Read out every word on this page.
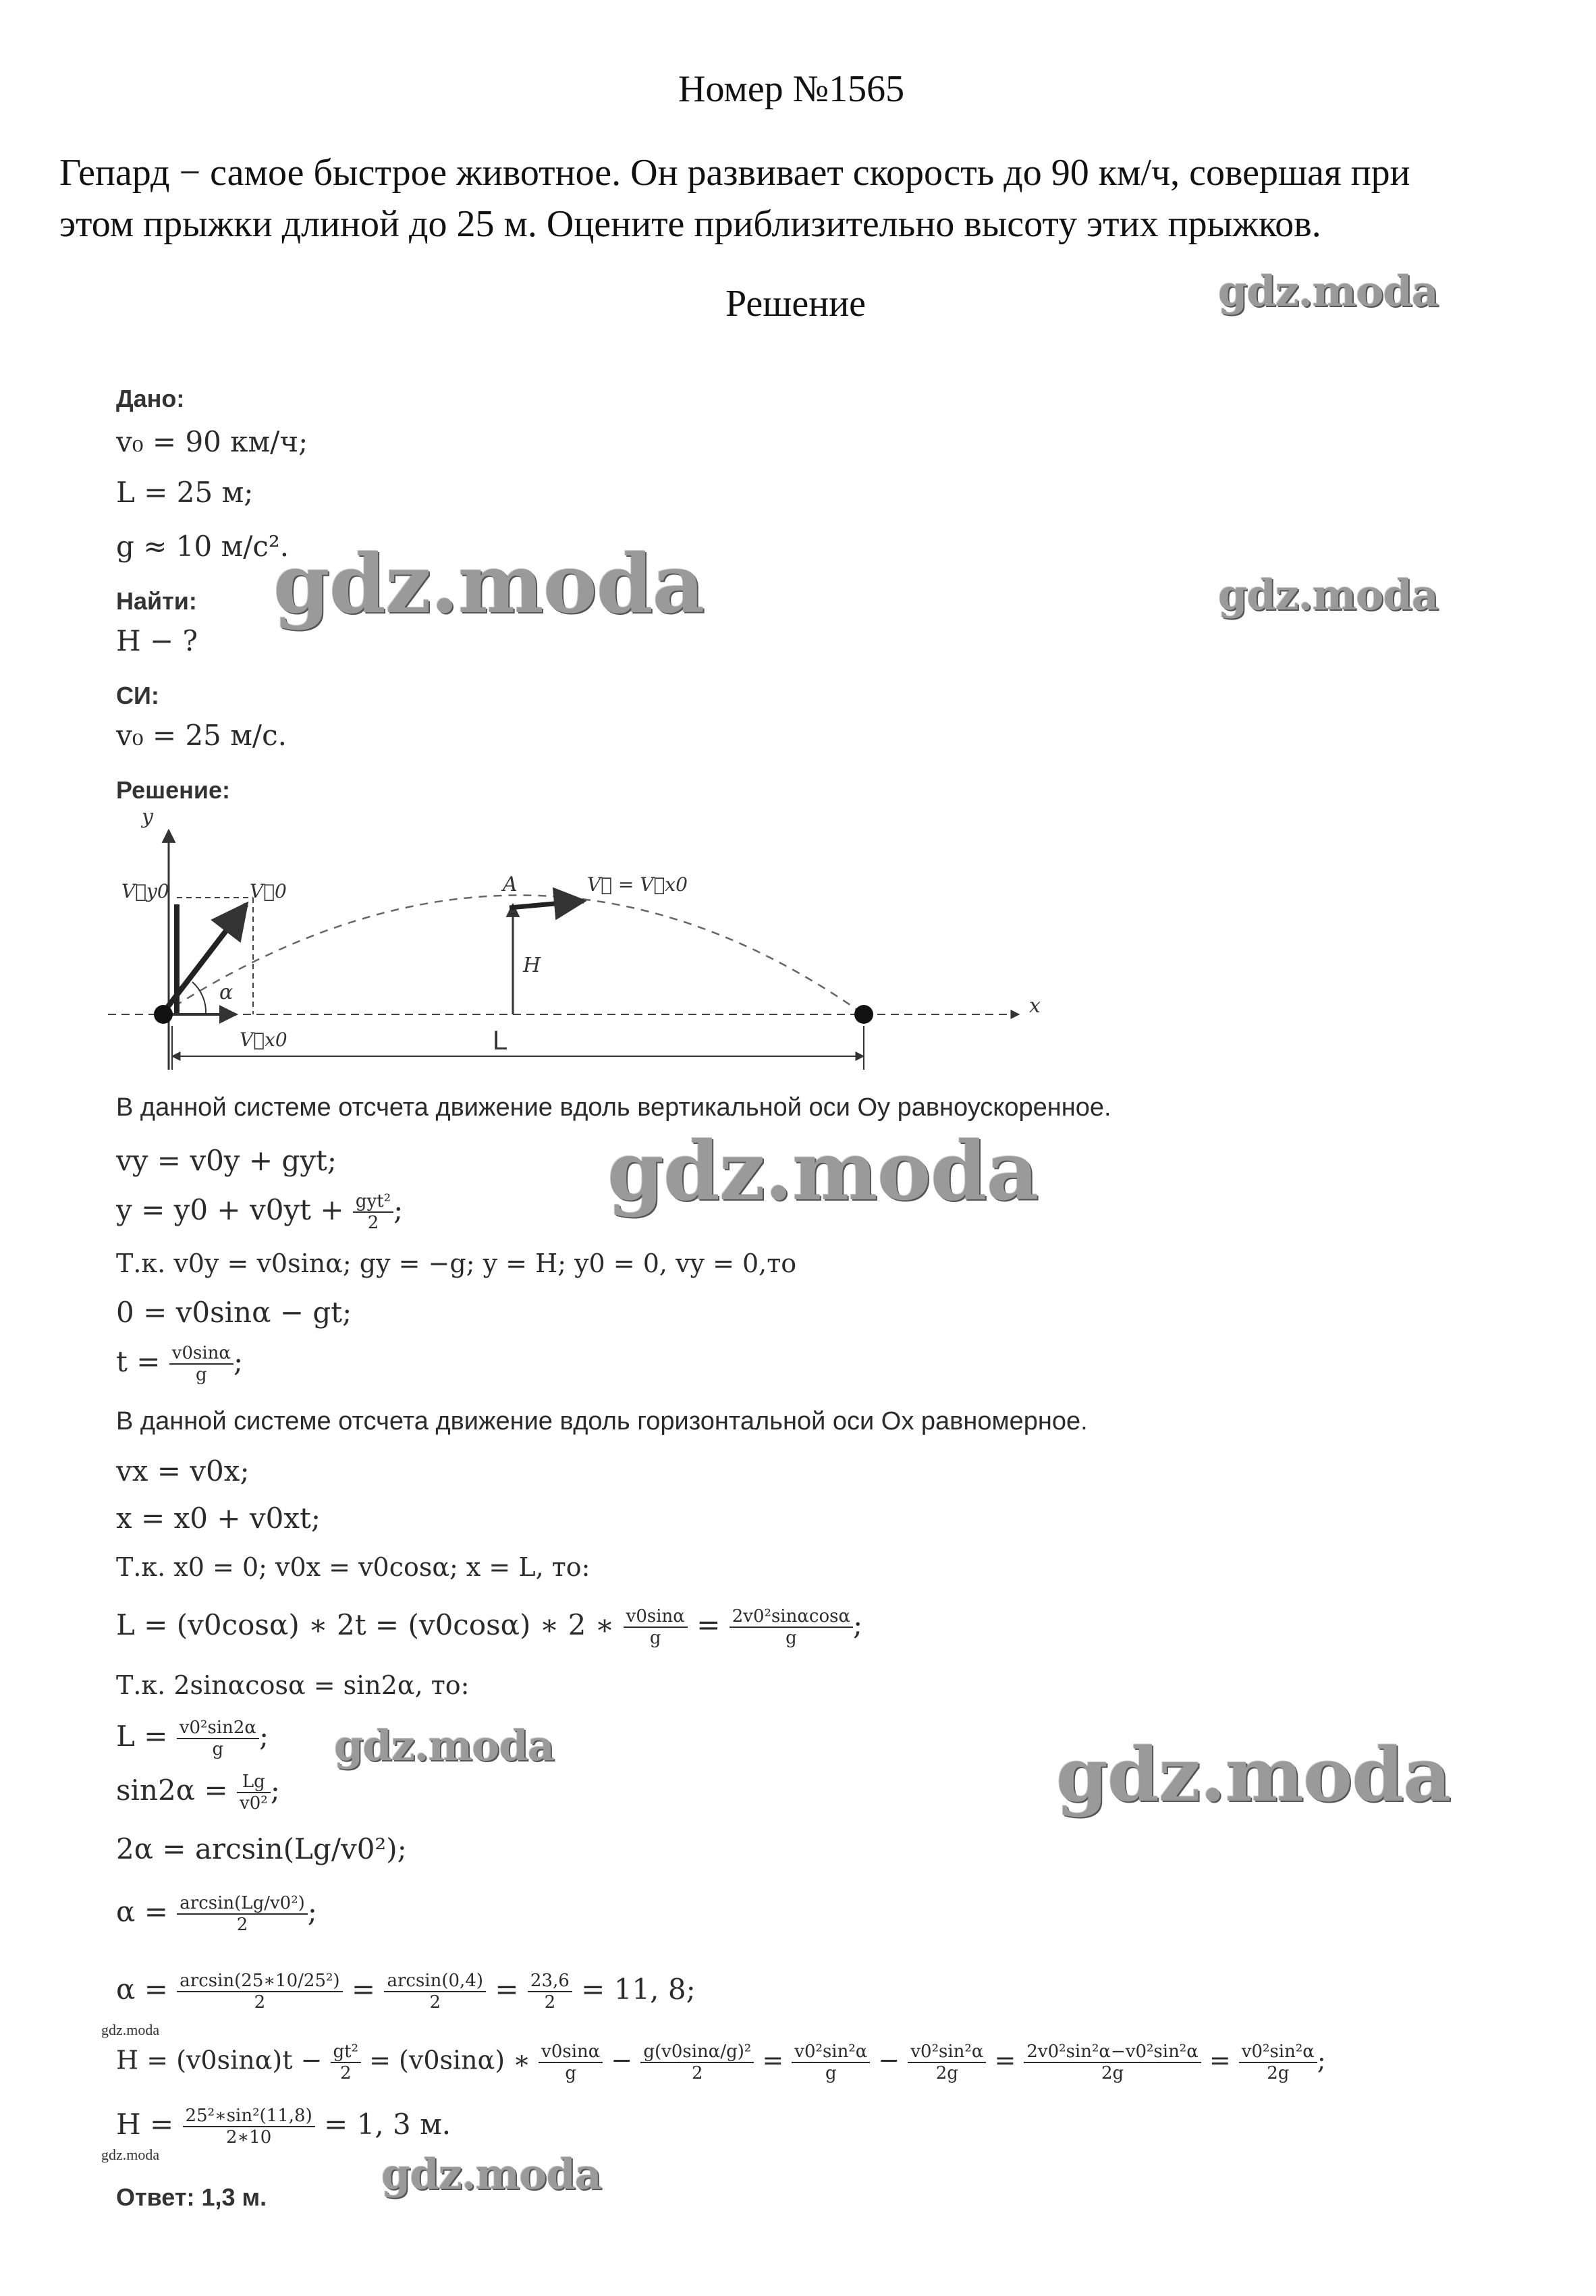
Номер №1565
Гепард − самое быстрое животное. Он развивает скорость до 90 км/ч, совершая при
этом прыжки длиной до 25 м. Оцените приблизительно высоту этих прыжков.
Решение	gdz.moda
gdz.moda	gdz.moda
gdz.moda
gdz.moda	gdz.moda
gdz.moda
gdz.moda
gdz.moda
Дано:
v₀ = 90 км/ч;
L = 25 м;
g ≈ 10 м/с².
Найти:
H − ?
СИ:
v₀ = 25 м/с.
Решение:
y
x
V⃗y0	V⃗0
α
A	V⃗ = V⃗x0
H
V⃗x0	L
В данной системе отсчета движение вдоль вертикальной оси Oy равноускоренное.
vy = v0y + gyt;
$y = y0 + v0yt + \frac{\text{gyt²}}{2}$ ;
Т.к. v0y = v0sinα; gy = −g; y = H; y0 = 0, vy = 0,то
0 = v0sinα − gt;
$t = \frac{v0\sin\alpha}{g}$ ;
В данной системе отсчета движение вдоль горизонтальной оси Ox равномерное.
vx = v0x;
x = x0 + v0xt;
Т.к. x0 = 0; v0x = v0cosα; x = L, то:
L = (v0cosα) ∗ 2t = (v0cosα) ∗ 2 ∗ $\frac{v0\sin\alpha}{g} = \frac{\text{2v0²sinαcosα}}{g}$ ;
Т.к. 2sinαcosα = sin2α, то:
$L = \frac{\text{v0²sin2α}}{g}$ ;
$\sin 2\alpha = \frac{Lg}{\text{v0²}}$ ;
2α = arcsin(Lg/v0²);
$\alpha = \frac{\text{arcsin(Lg/v0²)}}{2}$ ;
$\alpha = \frac{\text{arcsin(25∗10/25²)}}{2} = \frac{\arcsin(0,4)}{2} = \frac{23,6}{2} = 11$, 8;
$H = (v0\sin\alpha)t - \frac{\text{gt²}}{2} = (v0\sin\alpha)$ ∗ $\frac{v0\sin\alpha}{g} - \frac{\text{g(v0sinα/g)²}}{2} = \frac{\text{v0²sin²α}}{g} - \frac{\text{v0²sin²α}}{2g} = \frac{\text{2v0²sin²α−v0²sin²α}}{2g} = \frac{\text{v0²sin²α}}{2g}$ ;
$H = \frac{\text{25²∗sin²(11,8)}}{2∗10} = 1$, 3 м.
Ответ: 1,3 м.
